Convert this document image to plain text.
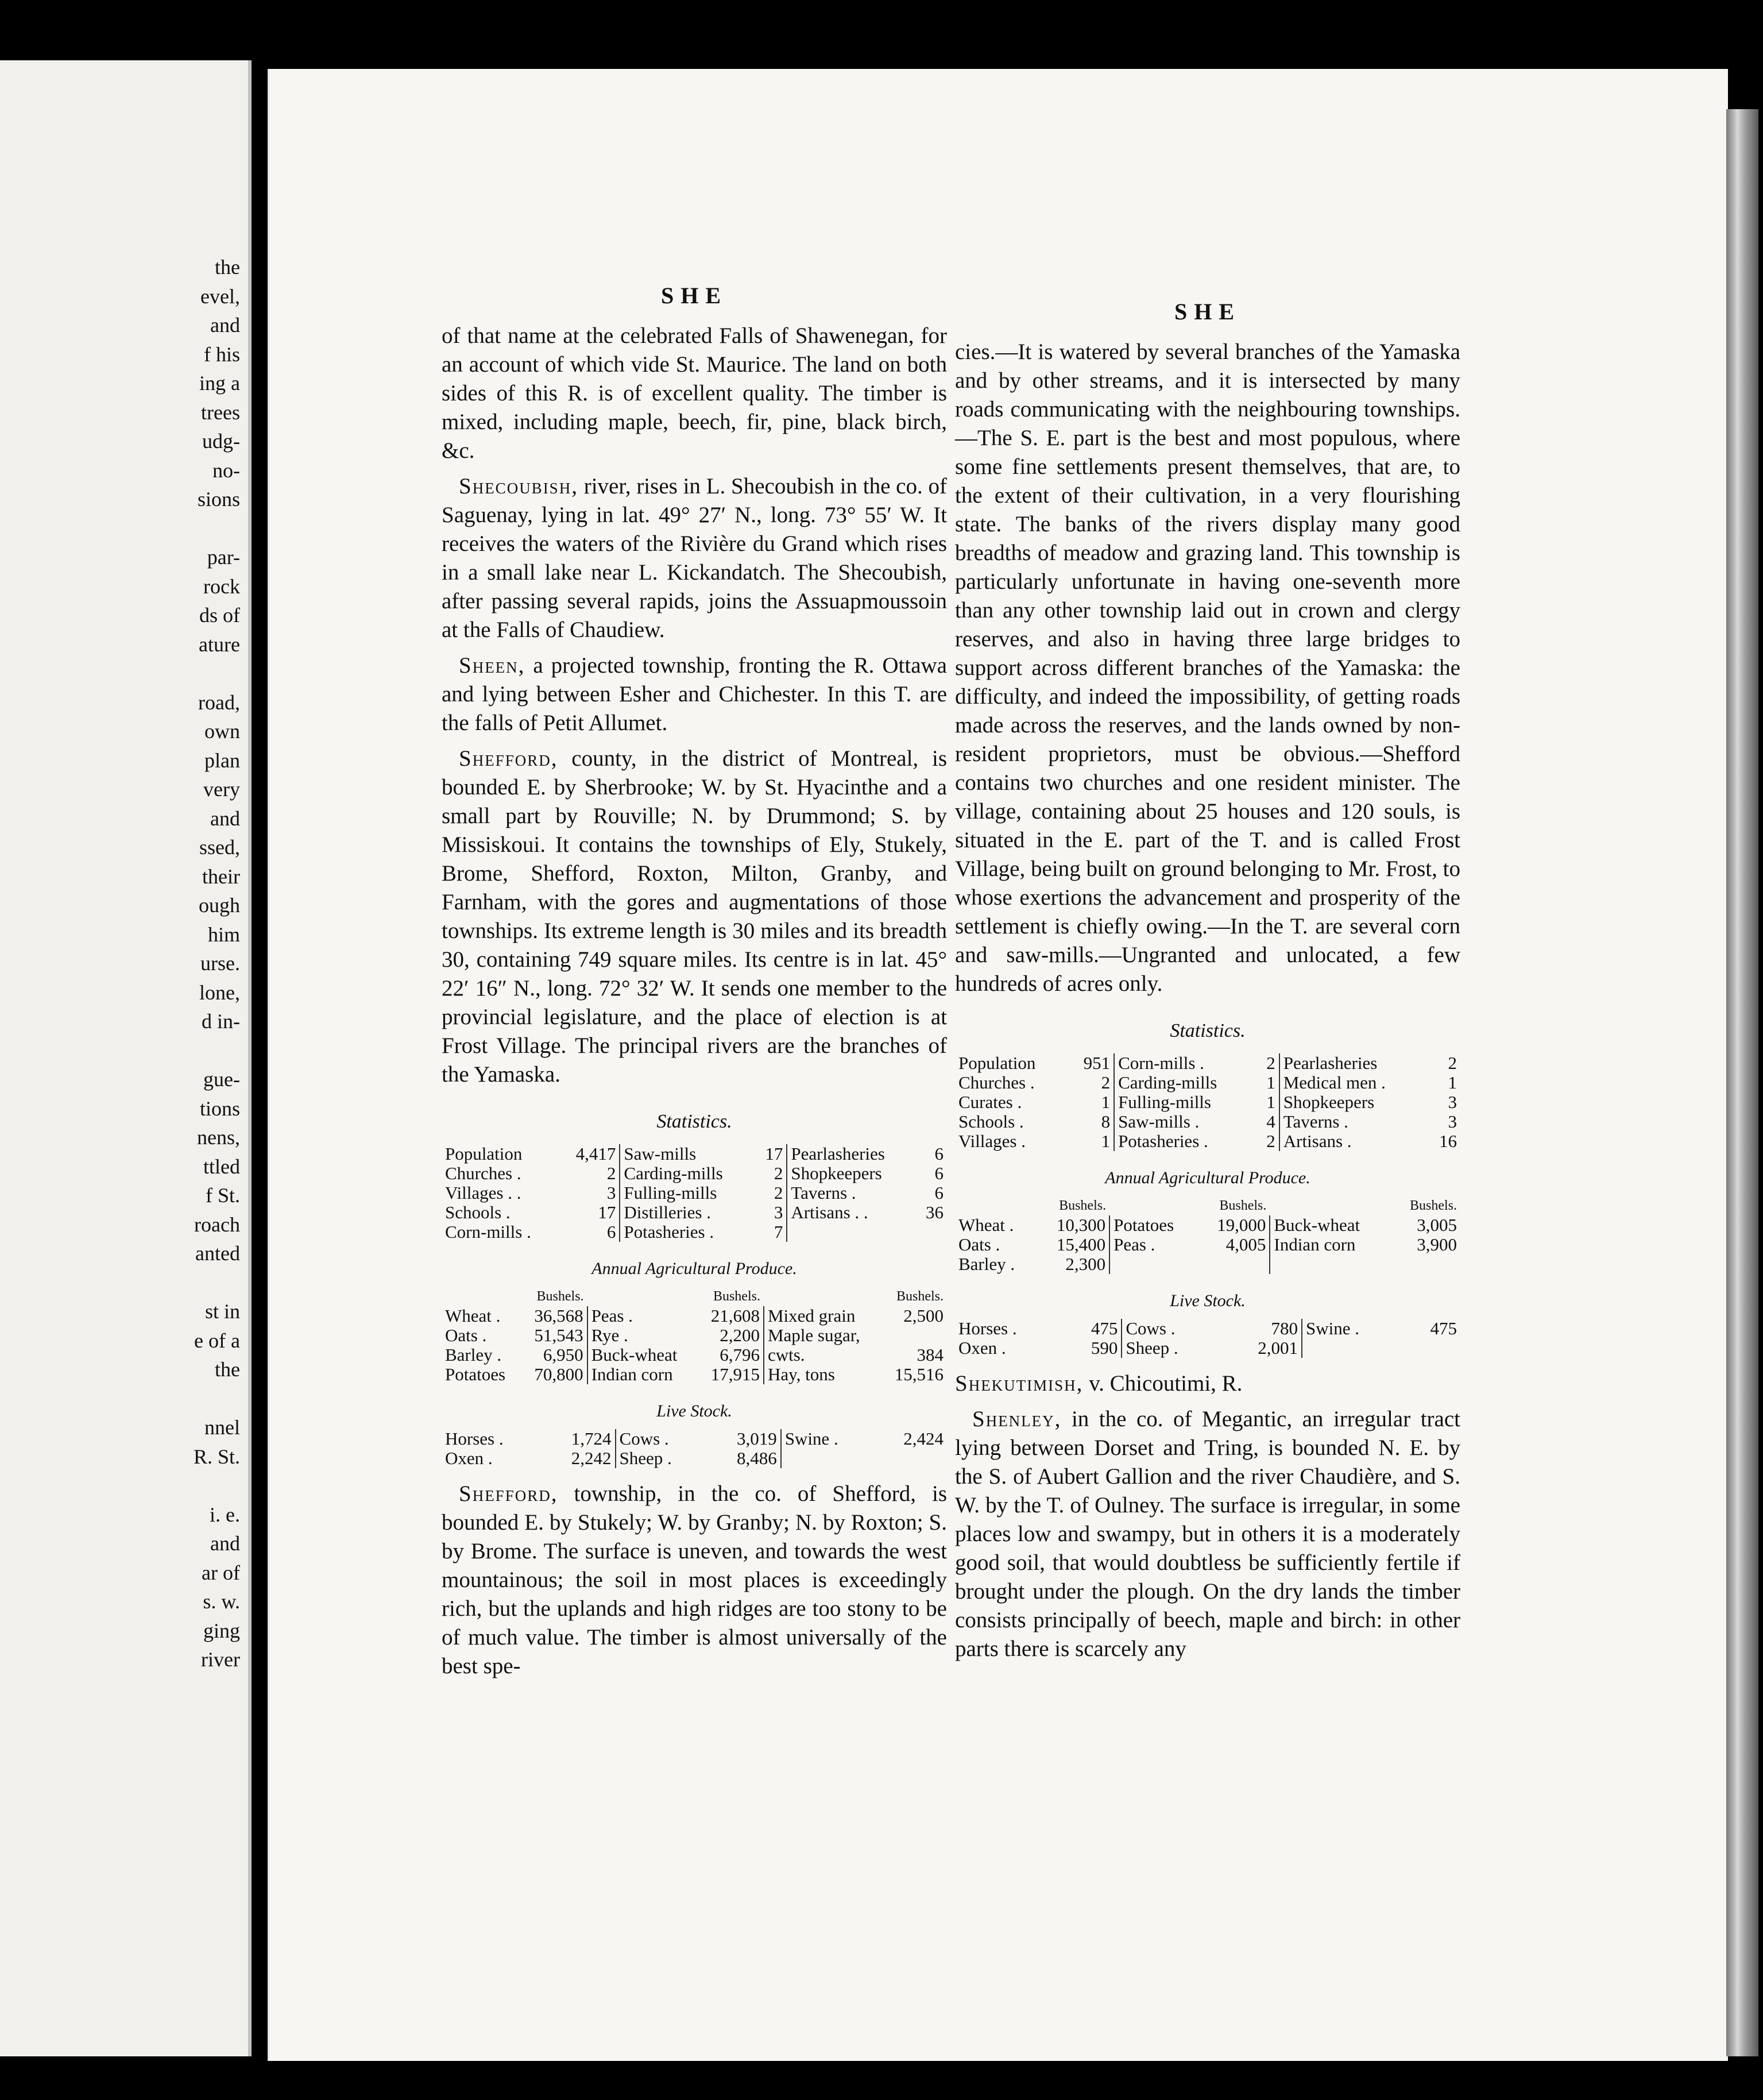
the
evel,
and
f his
ing a
trees
udg-
no-
sions

par-
rock
ds of
ature

road,
own
plan
very
and
ssed,
their
ough
him
urse.
lone,
d in-

gue-
tions
nens,
ttled
f St.
roach
anted

st in
e of a
the

nnel
R. St.

i. e.
and
ar of
s. w.
ging
river
SHE

of that name at the celebrated Falls of Shawenegan, for an account of which vide St. Maurice. The land on both sides of this R. is of excellent quality. The timber is mixed, including maple, beech, fir, pine, black birch, &c.

Shecoubish, river, rises in L. Shecoubish in the co. of Saguenay, lying in lat. 49° 27′ N., long. 73° 55′ W. It receives the waters of the Rivière du Grand which rises in a small lake near L. Kickandatch. The Shecoubish, after passing several rapids, joins the Assuapmoussoin at the Falls of Chaudiew.

Sheen, a projected township, fronting the R. Ottawa and lying between Esher and Chichester. In this T. are the falls of Petit Allumet.

Shefford, county, in the district of Montreal, is bounded E. by Sherbrooke; W. by St. Hyacinthe and a small part by Rouville; N. by Drummond; S. by Missiskoui. It contains the townships of Ely, Stukely, Brome, Shefford, Roxton, Milton, Granby, and Farnham, with the gores and augmentations of those townships. Its extreme length is 30 miles and its breadth 30, containing 749 square miles. Its centre is in lat. 45° 22′ 16″ N., long. 72° 32′ W. It sends one member to the provincial legislature, and the place of election is at Frost Village. The principal rivers are the branches of the Yamaska.

Statistics.
Population	4,417	Saw-mills	17	Pearlasheries	6
Churches .	2	Carding-mills	2	Shopkeepers	6
Villages . .	3	Fulling-mills	2	Taverns .	6
Schools .	17	Distilleries .	3	Artisans . .	36
Corn-mills .	6	Potasheries .	7		
Annual Agricultural Produce.
	Bushels.		Bushels.		Bushels.
Wheat .	36,568	Peas .	21,608	Mixed grain	2,500
Oats .	51,543	Rye .	2,200	Maple sugar,	
Barley .	6,950	Buck-wheat	6,796	cwts.	384
Potatoes	70,800	Indian corn	17,915	Hay, tons	15,516
Live Stock.
Horses .	1,724	Cows .	3,019	Swine .	2,424
Oxen .	2,242	Sheep .	8,486		

Shefford, township, in the co. of Shefford, is bounded E. by Stukely; W. by Granby; N. by Roxton; S. by Brome. The surface is uneven, and towards the west mountainous; the soil in most places is exceedingly rich, but the uplands and high ridges are too stony to be of much value. The timber is almost universally of the best spe-

SHE

cies.—It is watered by several branches of the Yamaska and by other streams, and it is intersected by many roads communicating with the neighbouring townships.—The S. E. part is the best and most populous, where some fine settlements present themselves, that are, to the extent of their cultivation, in a very flourishing state. The banks of the rivers display many good breadths of meadow and grazing land. This township is particularly unfortunate in having one-seventh more than any other township laid out in crown and clergy reserves, and also in having three large bridges to support across different branches of the Yamaska: the difficulty, and indeed the impossibility, of getting roads made across the reserves, and the lands owned by non-resident proprietors, must be obvious.—Shefford contains two churches and one resident minister. The village, containing about 25 houses and 120 souls, is situated in the E. part of the T. and is called Frost Village, being built on ground belonging to Mr. Frost, to whose exertions the advancement and prosperity of the settlement is chiefly owing.—In the T. are several corn and saw-mills.—Ungranted and unlocated, a few hundreds of acres only.

Statistics.
Population	951	Corn-mills .	2	Pearlasheries	2
Churches .	2	Carding-mills	1	Medical men .	1
Curates .	1	Fulling-mills	1	Shopkeepers	3
Schools .	8	Saw-mills .	4	Taverns .	3
Villages .	1	Potasheries .	2	Artisans .	16
Annual Agricultural Produce.
	Bushels.		Bushels.		Bushels.
Wheat .	10,300	Potatoes	19,000	Buck-wheat	3,005
Oats .	15,400	Peas .	4,005	Indian corn	3,900
Barley .	2,300				
Live Stock.
Horses .	475	Cows .	780	Swine .	475
Oxen .	590	Sheep .	2,001		

Shekutimish, v. Chicoutimi, R.

Shenley, in the co. of Megantic, an irregular tract lying between Dorset and Tring, is bounded N. E. by the S. of Aubert Gallion and the river Chaudière, and S. W. by the T. of Oulney. The surface is irregular, in some places low and swampy, but in others it is a moderately good soil, that would doubtless be sufficiently fertile if brought under the plough. On the dry lands the timber consists principally of beech, maple and birch: in other parts there is scarcely any
